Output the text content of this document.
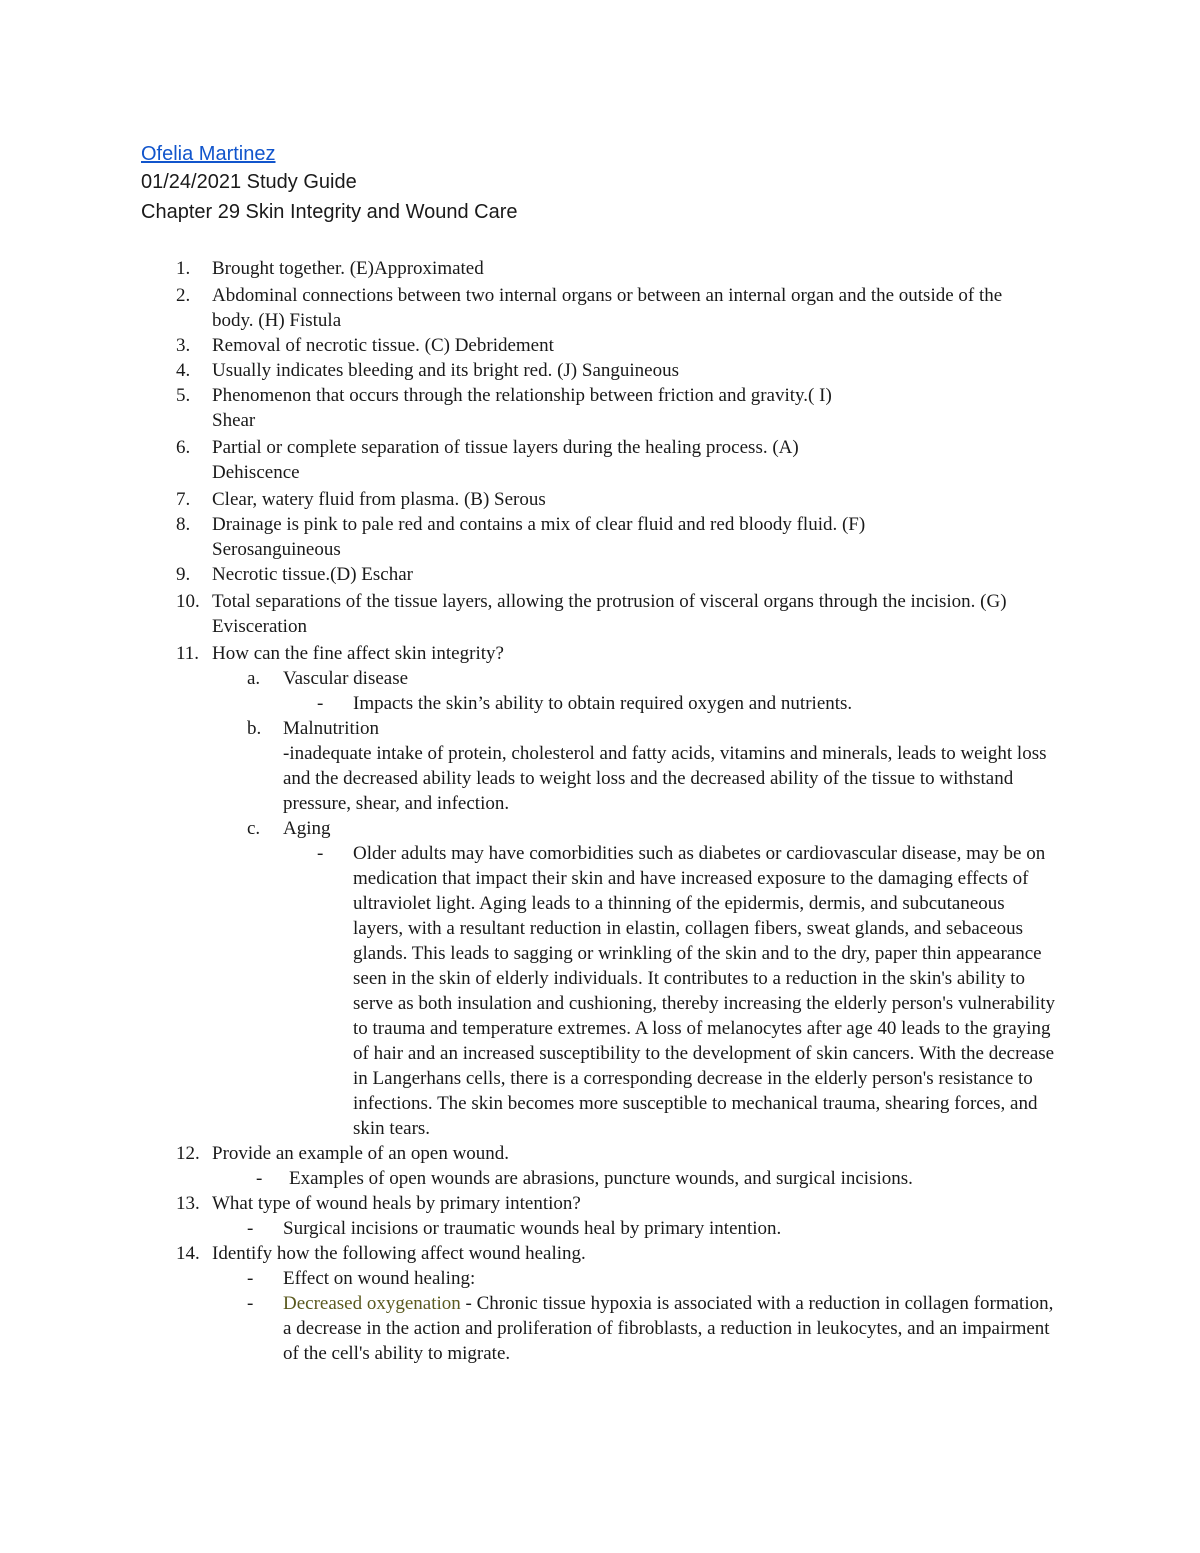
Ofelia Martinez

01/24/2021 Study Guide

Chapter 29 Skin Integrity and Wound Care

1. Brought together. (E)Approximated
2. Abdominal connections between two internal organs or between an internal organ and the outside of the body. (H) Fistula
3. Removal of necrotic tissue. (C) Debridement
4. Usually indicates bleeding and its bright red. (J) Sanguineous
5. Phenomenon that occurs through the relationship between friction and gravity.( I) Shear
6. Partial or complete separation of tissue layers during the healing process. (A) Dehiscence
7. Clear, watery fluid from plasma. (B) Serous
8. Drainage is pink to pale red and contains a mix of clear fluid and red bloody fluid. (F) Serosanguineous
9. Necrotic tissue.(D) Eschar
10. Total separations of the tissue layers, allowing the protrusion of visceral organs through the incision. (G) Evisceration
11. How can the fine affect skin integrity?
a. Vascular disease
- Impacts the skin’s ability to obtain required oxygen and nutrients.
b. Malnutrition
-inadequate intake of protein, cholesterol and fatty acids, vitamins and minerals, leads to weight loss and the decreased ability leads to weight loss and the decreased ability of the tissue to withstand pressure, shear, and infection.
c. Aging
- Older adults may have comorbidities such as diabetes or cardiovascular disease, may be on medication that impact their skin and have increased exposure to the damaging effects of ultraviolet light. Aging leads to a thinning of the epidermis, dermis, and subcutaneous layers, with a resultant reduction in elastin, collagen fibers, sweat glands, and sebaceous glands. This leads to sagging or wrinkling of the skin and to the dry, paper thin appearance seen in the skin of elderly individuals. It contributes to a reduction in the skin's ability to serve as both insulation and cushioning, thereby increasing the elderly person's vulnerability to trauma and temperature extremes. A loss of melanocytes after age 40 leads to the graying of hair and an increased susceptibility to the development of skin cancers. With the decrease in Langerhans cells, there is a corresponding decrease in the elderly person's resistance to infections. The skin becomes more susceptible to mechanical trauma, shearing forces, and skin tears.
12. Provide an example of an open wound.
- Examples of open wounds are abrasions, puncture wounds, and surgical incisions.
13. What type of wound heals by primary intention?
- Surgical incisions or traumatic wounds heal by primary intention.
14. Identify how the following affect wound healing.
- Effect on wound healing:
- Decreased oxygenation - Chronic tissue hypoxia is associated with a reduction in collagen formation, a decrease in the action and proliferation of fibroblasts, a reduction in leukocytes, and an impairment of the cell's ability to migrate.
